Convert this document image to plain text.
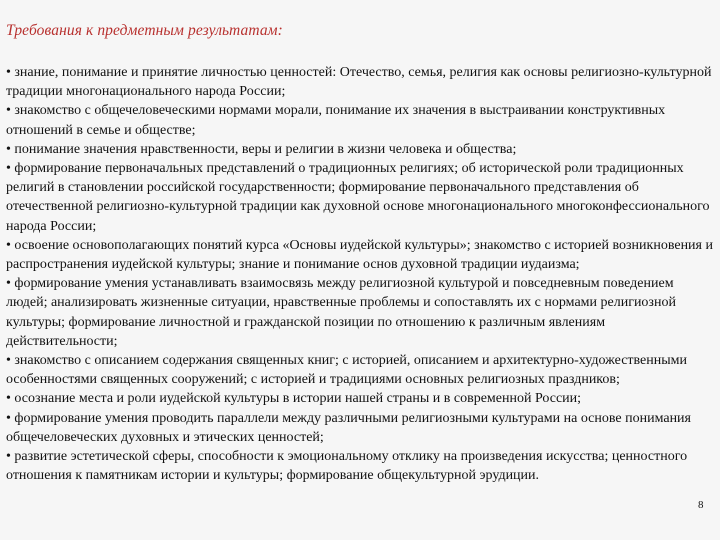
Требования к предметным результатам:

• знание, понимание и принятие личностью ценностей: Отечество, семья, религия как основы религиозно-культурной традиции многонационального народа России;

• знакомство с общечеловеческими нормами морали, понимание их значения в выстраивании конструктивных отношений в семье и обществе;

• понимание значения нравственности, веры и религии в жизни человека и общества;

• формирование первоначальных представлений о традиционных религиях; об исторической роли традиционных религий в становлении российской государственности; формирование первоначального представления об отечественной религиозно-культурной традиции как духовной основе многонационального многоконфессионального народа России;

• освоение основополагающих понятий курса «Основы иудейской культуры»; знакомство с историей возникновения и распространения иудейской культуры; знание и понимание основ духовной традиции иудаизма;

• формирование умения устанавливать взаимосвязь между религиозной культурой и повседневным поведением людей; анализировать жизненные ситуации, нравственные проблемы и сопоставлять их с нормами религиозной культуры; формирование личностной и гражданской позиции по отношению к различным явлениям действительности;

• знакомство с описанием содержания священных книг; с историей, описанием и архитектурно-художественными особенностями священных сооружений; с историей и традициями основных религиозных праздников;

• осознание места и роли иудейской культуры в истории нашей страны и в современной России;

• формирование умения проводить параллели между различными религиозными культурами на основе понимания общечеловеческих духовных и этических ценностей;

• развитие эстетической сферы, способности к эмоциональному отклику на произведения искусства; ценностного отношения к памятникам истории и культуры; формирование общекультурной эрудиции.

8
